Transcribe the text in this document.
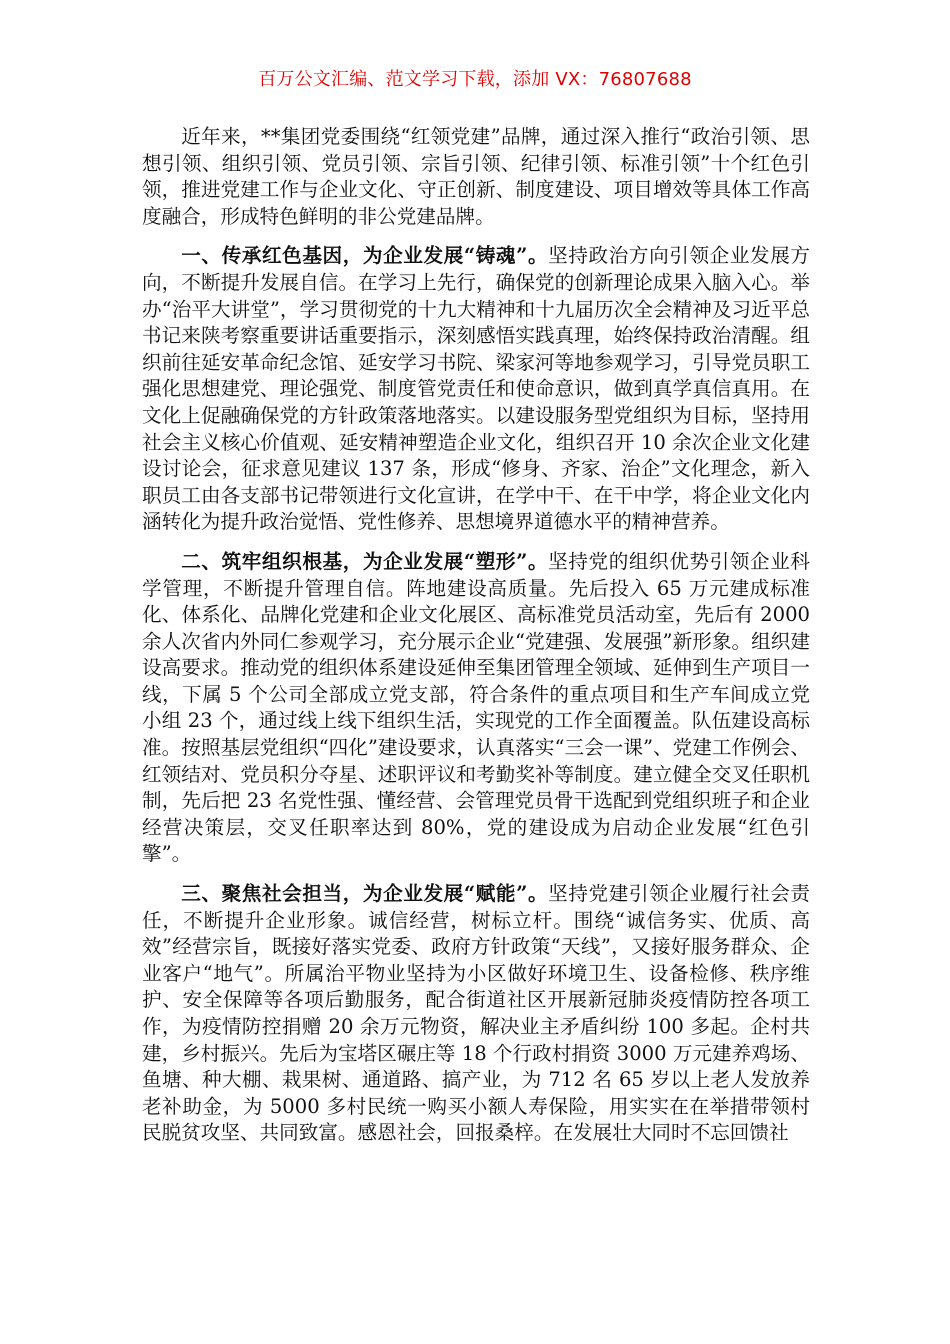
百万公文汇编、范文学习下载，添加 VX：76807688

近年来，**集团党委围绕“红领党建”品牌，通过深入推行“政治引领、思想引领、组织引领、党员引领、宗旨引领、纪律引领、标准引领”十个红色引领，推进党建工作与企业文化、守正创新、制度建设、项目增效等具体工作高度融合，形成特色鲜明的非公党建品牌。

一、传承红色基因，为企业发展“铸魂”。坚持政治方向引领企业发展方向，不断提升发展自信。在学习上先行，确保党的创新理论成果入脑入心。举办“治平大讲堂”，学习贯彻党的十九大精神和十九届历次全会精神及习近平总书记来陕考察重要讲话重要指示，深刻感悟实践真理，始终保持政治清醒。组织前往延安革命纪念馆、延安学习书院、梁家河等地参观学习，引导党员职工强化思想建党、理论强党、制度管党责任和使命意识，做到真学真信真用。在文化上促融确保党的方针政策落地落实。以建设服务型党组织为目标，坚持用社会主义核心价值观、延安精神塑造企业文化，组织召开 10 余次企业文化建设讨论会，征求意见建议 137 条，形成“修身、齐家、治企”文化理念，新入职员工由各支部书记带领进行文化宣讲，在学中干、在干中学，将企业文化内涵转化为提升政治觉悟、党性修养、思想境界道德水平的精神营养。

二、筑牢组织根基，为企业发展“塑形”。坚持党的组织优势引领企业科学管理，不断提升管理自信。阵地建设高质量。先后投入 65 万元建成标准化、体系化、品牌化党建和企业文化展区、高标准党员活动室，先后有 2000 余人次省内外同仁参观学习，充分展示企业“党建强、发展强”新形象。组织建设高要求。推动党的组织体系建设延伸至集团管理全领域、延伸到生产项目一线，下属 5 个公司全部成立党支部，符合条件的重点项目和生产车间成立党小组 23 个，通过线上线下组织生活，实现党的工作全面覆盖。队伍建设高标准。按照基层党组织“四化”建设要求，认真落实“三会一课”、党建工作例会、红领结对、党员积分夺星、述职评议和考勤奖补等制度。建立健全交叉任职机制，先后把 23 名党性强、懂经营、会管理党员骨干选配到党组织班子和企业经营决策层，交叉任职率达到 80%，党的建设成为启动企业发展“红色引擎”。

三、聚焦社会担当，为企业发展“赋能”。坚持党建引领企业履行社会责任，不断提升企业形象。诚信经营，树标立杆。围绕“诚信务实、优质、高效”经营宗旨，既接好落实党委、政府方针政策“天线”，又接好服务群众、企业客户“地气”。所属治平物业坚持为小区做好环境卫生、设备检修、秩序维护、安全保障等各项后勤服务，配合街道社区开展新冠肺炎疫情防控各项工作，为疫情防控捐赠 20 余万元物资，解决业主矛盾纠纷 100 多起。企村共建，乡村振兴。先后为宝塔区碾庄等 18 个行政村捐资 3000 万元建养鸡场、鱼塘、种大棚、栽果树、通道路、搞产业，为 712 名 65 岁以上老人发放养老补助金，为 5000 多村民统一购买小额人寿保险，用实实在在举措带领村民脱贫攻坚、共同致富。感恩社会，回报桑梓。在发展壮大同时不忘回馈社
